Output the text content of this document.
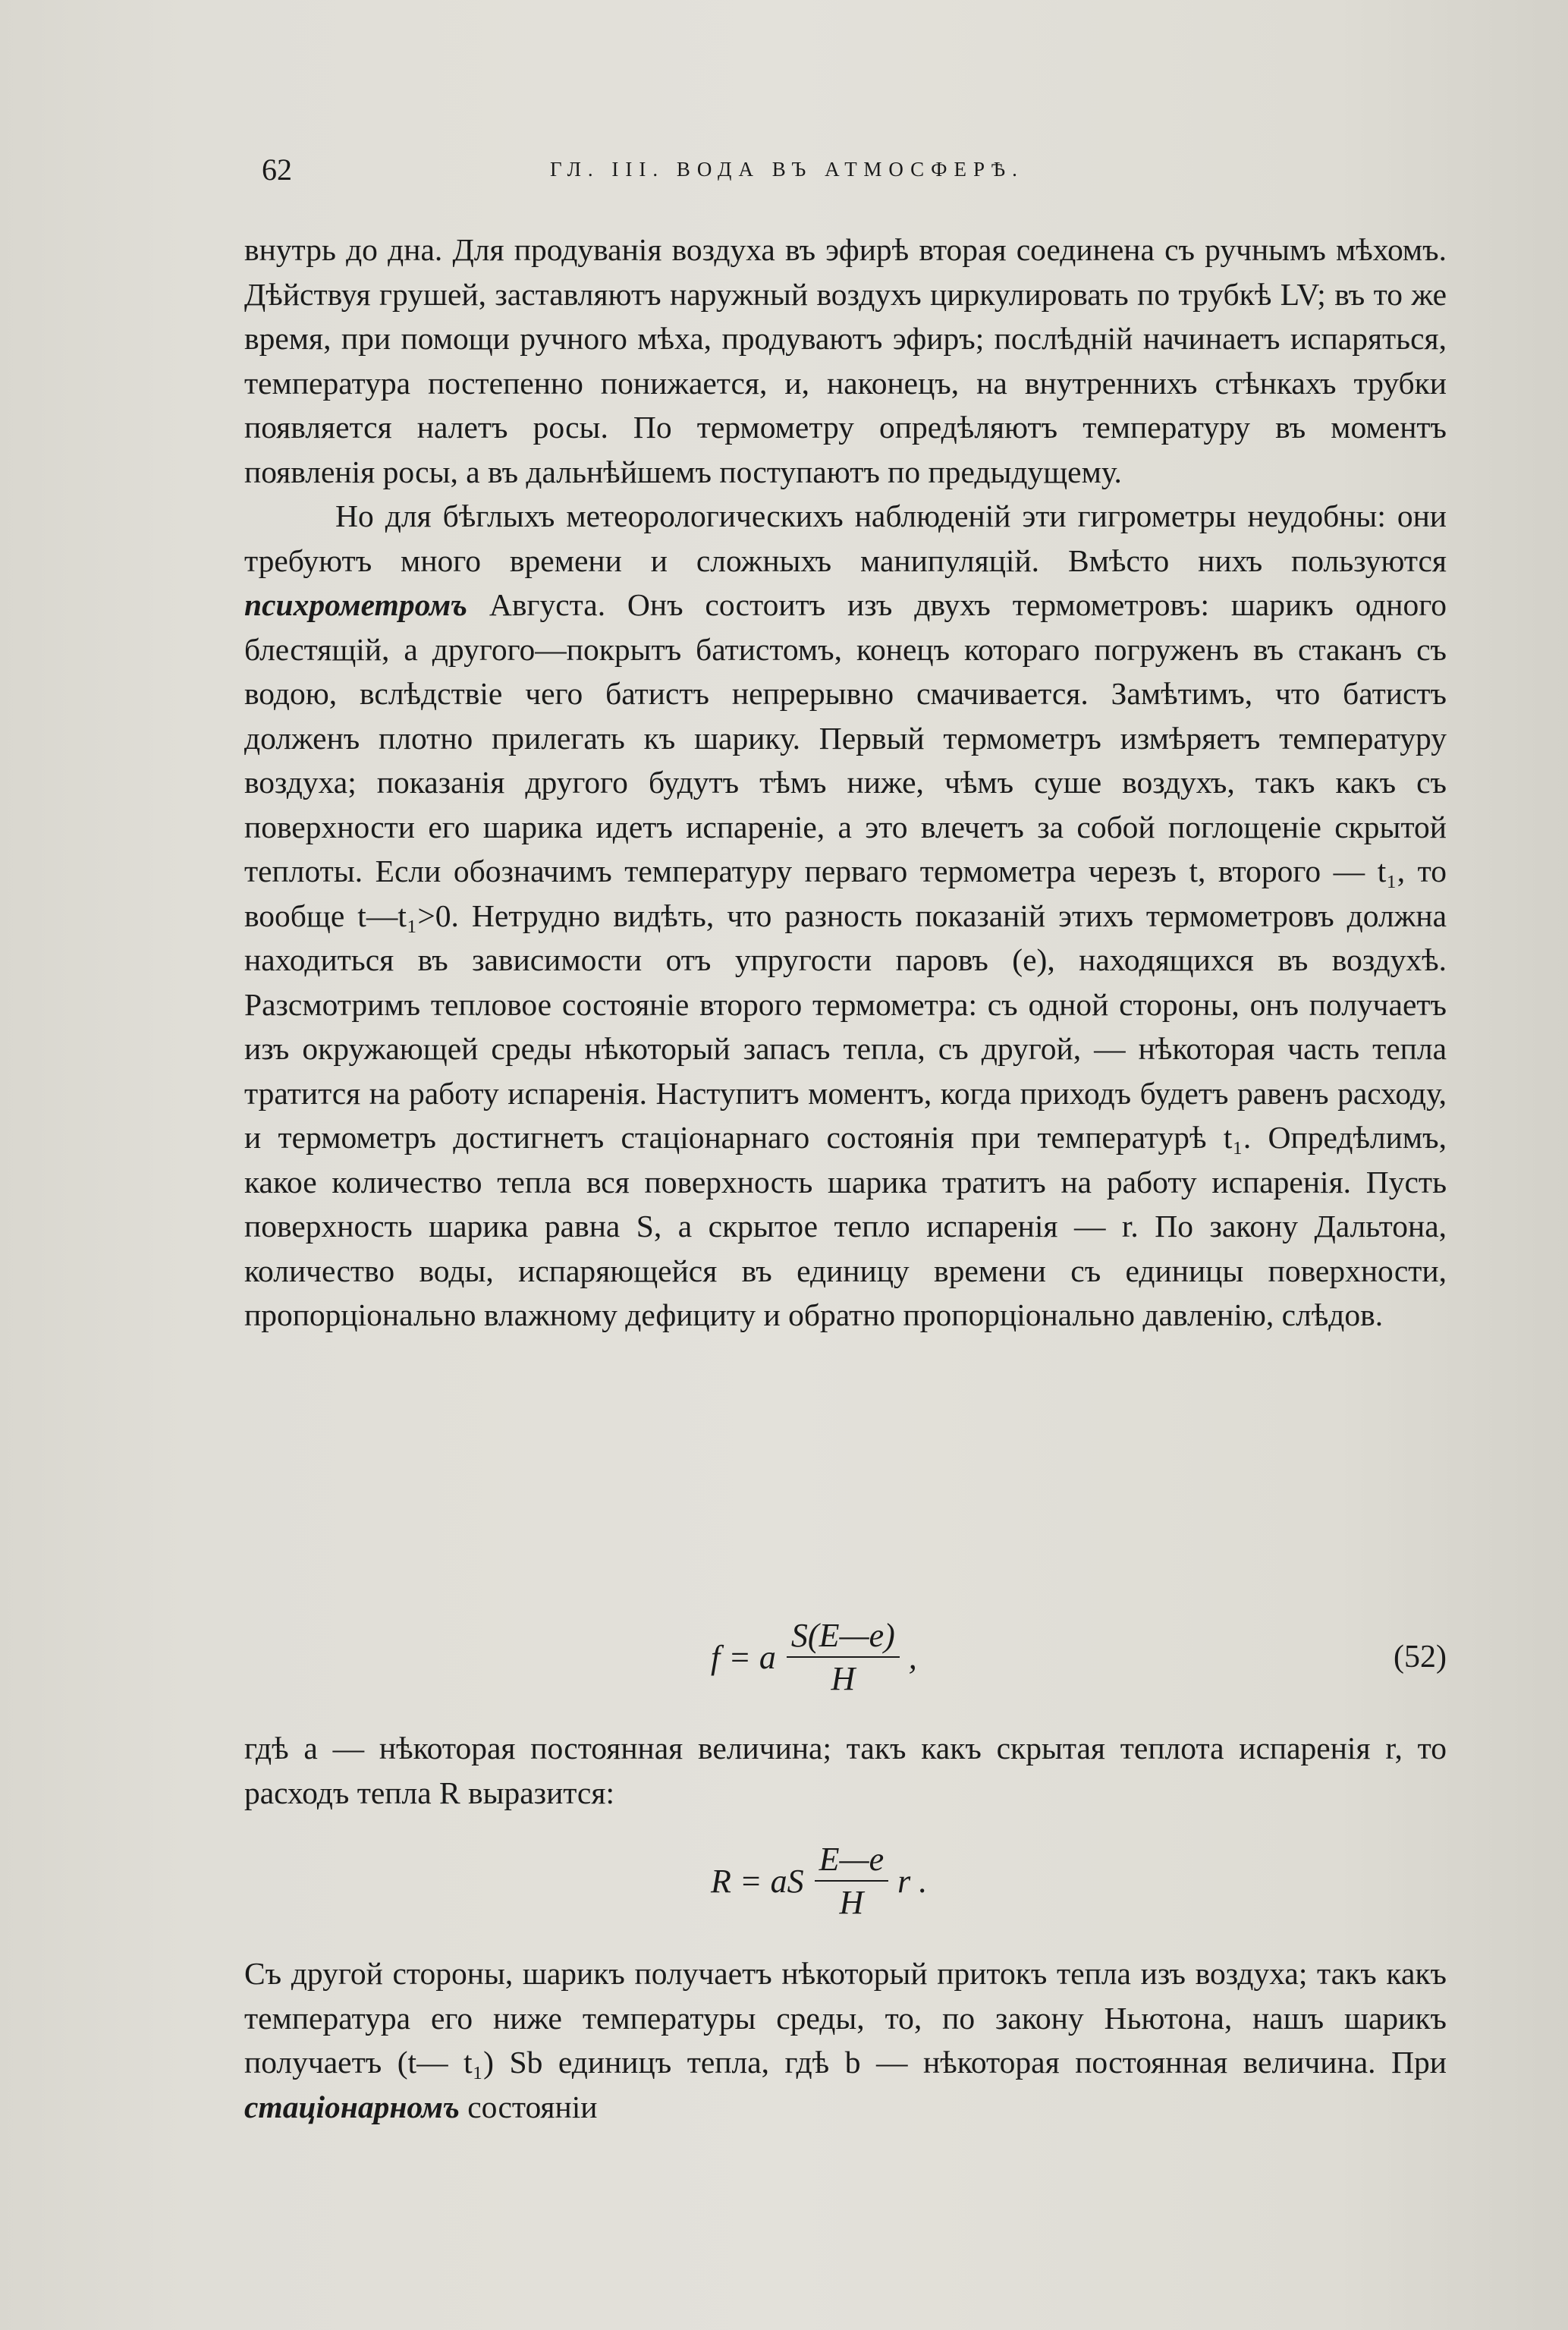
62	ГЛ. III. ВОДА ВЪ АТМОСФЕРѢ.

внутрь до дна. Для продуванія воздуха въ эфирѣ вторая соединена съ ручнымъ мѣхомъ. Дѣйствуя грушей, заставляютъ наружный воздухъ циркулировать по трубкѣ LV; въ то же время, при помощи ручного мѣха, продуваютъ эфиръ; послѣдній начинаетъ испаряться, температура постепенно понижается, и, наконецъ, на внутреннихъ стѣнкахъ трубки появляется налетъ росы. По термометру опредѣляютъ температуру въ моментъ появленія росы, а въ дальнѣйшемъ поступаютъ по предыдущему.

Но для бѣглыхъ метеорологическихъ наблюденій эти гигрометры неудобны: они требуютъ много времени и сложныхъ манипуляцій. Вмѣсто нихъ пользуются психрометромъ Августа. Онъ состоитъ изъ двухъ термометровъ: шарикъ одного блестящій, а другого—покрытъ батистомъ, конецъ котораго погруженъ въ стаканъ съ водою, вслѣдствіе чего батистъ непрерывно смачивается. Замѣтимъ, что батистъ долженъ плотно прилегать къ шарику. Первый термометръ измѣряетъ температуру воздуха; показанія другого будутъ тѣмъ ниже, чѣмъ суше воздухъ, такъ какъ съ поверхности его шарика идетъ испареніе, а это влечетъ за собой поглощеніе скрытой теплоты. Если обозначимъ температуру перваго термометра черезъ t, второго — t₁, то вообще t—t₁>0. Нетрудно видѣть, что разность показаній этихъ термометровъ должна находиться въ зависимости отъ упругости паровъ (e), находящихся въ воздухѣ. Разсмотримъ тепловое состояніе второго термометра: съ одной стороны, онъ получаетъ изъ окружающей среды нѣкоторый запасъ тепла, съ другой, — нѣкоторая часть тепла тратится на работу испаренія. Наступитъ моментъ, когда приходъ будетъ равенъ расходу, и термометръ достигнетъ стаціонарнаго состоянія при температурѣ t₁. Опредѣлимъ, какое количество тепла вся поверхность шарика тратитъ на работу испаренія. Пусть поверхность шарика равна S, а скрытое тепло испаренія — r. По закону Дальтона, количество воды, испаряющейся въ единицу времени съ единицы поверхности, пропорціонально влажному дефициту и обратно пропорціонально давленію, слѣдов.

f = a $\frac{S(E—e)}{H}$ ,	(52)

гдѣ a — нѣкоторая постоянная величина; такъ какъ скрытая теплота испаренія r, то расходъ тепла R выразится:

R = aS $\frac{E—e}{H}$ r .

Съ другой стороны, шарикъ получаетъ нѣкоторый притокъ тепла изъ воздуха; такъ какъ температура его ниже температуры среды, то, по закону Ньютона, нашъ шарикъ получаетъ (t— t₁) Sb единицъ тепла, гдѣ b — нѣкоторая постоянная величина. При стаціонарномъ состояніи
